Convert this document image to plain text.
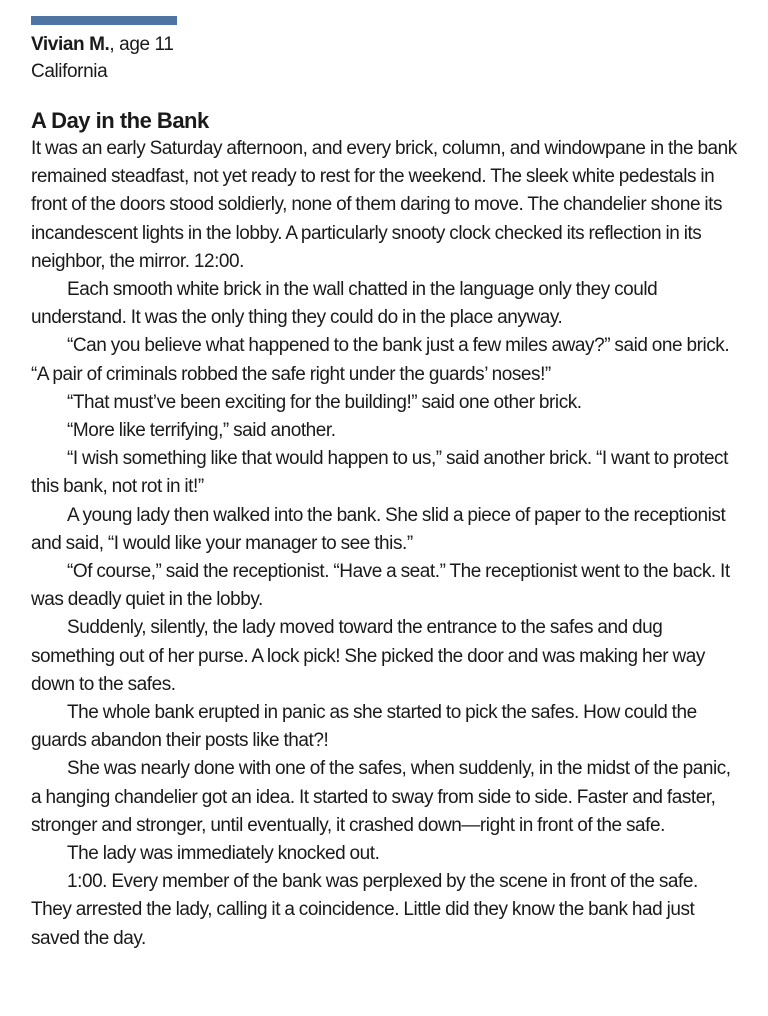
Vivian M., age 11
California
A Day in the Bank

It was an early Saturday afternoon, and every brick, column, and windowpane in the bank remained steadfast, not yet ready to rest for the weekend. The sleek white pedestals in front of the doors stood soldierly, none of them daring to move. The chandelier shone its incandescent lights in the lobby. A particularly snooty clock checked its reflection in its neighbor, the mirror. 12:00.

Each smooth white brick in the wall chatted in the language only they could understand. It was the only thing they could do in the place anyway.

“Can you believe what happened to the bank just a few miles away?” said one brick. “A pair of criminals robbed the safe right under the guards’ noses!”

“That must’ve been exciting for the building!” said one other brick.

“More like terrifying,” said another.

“I wish something like that would happen to us,” said another brick. “I want to protect this bank, not rot in it!”

A young lady then walked into the bank. She slid a piece of paper to the receptionist and said, “I would like your manager to see this.”

“Of course,” said the receptionist. “Have a seat.” The receptionist went to the back. It was deadly quiet in the lobby.

Suddenly, silently, the lady moved toward the entrance to the safes and dug something out of her purse. A lock pick! She picked the door and was making her way down to the safes.

The whole bank erupted in panic as she started to pick the safes. How could the guards abandon their posts like that?!

She was nearly done with one of the safes, when suddenly, in the midst of the panic, a hanging chandelier got an idea. It started to sway from side to side. Faster and faster, stronger and stronger, until eventually, it crashed down—right in front of the safe.

The lady was immediately knocked out.

1:00. Every member of the bank was perplexed by the scene in front of the safe. They arrested the lady, calling it a coincidence. Little did they know the bank had just saved the day.
